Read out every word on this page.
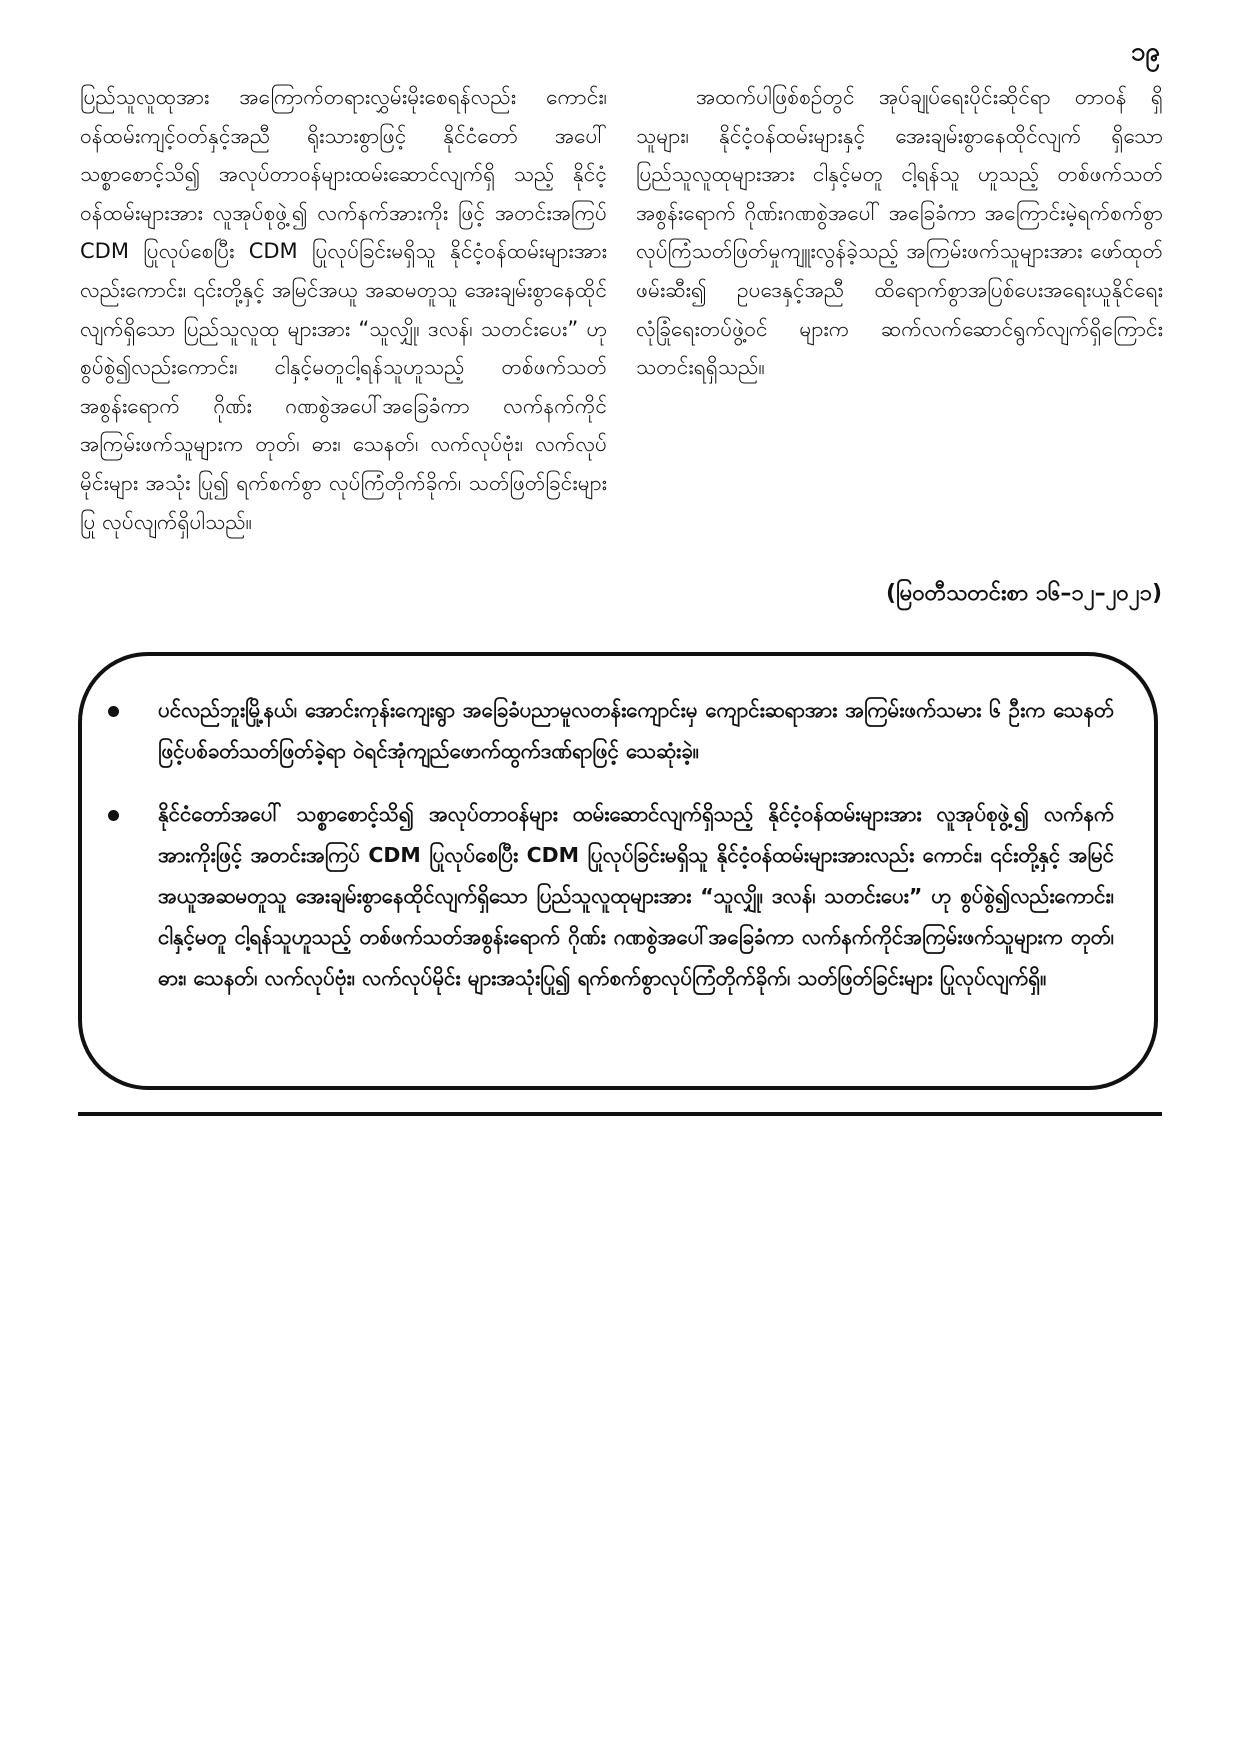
၁၉

ပြည်သူလူထုအား အကြောက်တရားလွှမ်းမိုးစေရန်လည်း ကောင်း၊ ဝန်ထမ်းကျင့်ဝတ်နှင့်အညီ ရိုးသားစွာဖြင့် နိုင်ငံတော် အပေါ် သစ္စာစောင့်သိ၍ အလုပ်တာဝန်များထမ်းဆောင်လျက်ရှိ သည့် နိုင်ငံ့ဝန်ထမ်းများအား လူအုပ်စုဖွဲ့၍ လက်နက်အားကိုး ဖြင့် အတင်းအကြပ် CDM ပြုလုပ်စေပြီး CDM ပြုလုပ်ခြင်းမရှိသူ နိုင်ငံ့ဝန်ထမ်းများအားလည်းကောင်း၊ ၎င်းတို့နှင့် အမြင်အယူ အဆမတူသူ အေးချမ်းစွာနေထိုင်လျက်ရှိသော ပြည်သူလူထု များအား “သူလျှို၊ ဒလန်၊ သတင်းပေး” ဟု စွပ်စွဲ၍လည်းကောင်း၊ ငါနှင့်မတူငါ့ရန်သူဟူသည့် တစ်ဖက်သတ်အစွန်းရောက် ဂိုဏ်း ဂဏစွဲအပေါ်အခြေခံကာ လက်နက်ကိုင်အကြမ်းဖက်သူများက တုတ်၊ ဓား၊ သေနတ်၊ လက်လုပ်ဗုံး၊ လက်လုပ်မိုင်းများ အသုံး ပြု၍ ရက်စက်စွာ လုပ်ကြံတိုက်ခိုက်၊ သတ်ဖြတ်ခြင်းများ ပြု လုပ်လျက်ရှိပါသည်။

အထက်ပါဖြစ်စဉ်တွင် အုပ်ချုပ်ရေးပိုင်းဆိုင်ရာ တာဝန် ရှိသူများ၊ နိုင်ငံ့ဝန်ထမ်းများနှင့် အေးချမ်းစွာနေထိုင်လျက် ရှိသော ပြည်သူလူထုများအား ငါနှင့်မတူ ငါ့ရန်သူ ဟူသည့် တစ်ဖက်သတ်အစွန်းရောက် ဂိုဏ်းဂဏစွဲအပေါ် အခြေခံကာ အကြောင်းမဲ့ရက်စက်စွာ လုပ်ကြံသတ်ဖြတ်မှုကျူးလွန်ခဲ့သည့် အကြမ်းဖက်သူများအား ဖော်ထုတ်ဖမ်းဆီး၍ ဥပဒေနှင့်အညီ ထိရောက်စွာအပြစ်ပေးအရေးယူနိုင်ရေး လုံခြုံရေးတပ်ဖွဲ့ဝင် များက ဆက်လက်ဆောင်ရွက်လျက်ရှိကြောင်း သတင်းရရှိသည်။

(မြဝတီသတင်းစာ ၁၆–၁၂–၂၀၂၁)
ပင်လည်ဘူးမြို့နယ်၊ အောင်းကုန်းကျေးရွာ အခြေခံပညာမူလတန်းကျောင်းမှ ကျောင်းဆရာအား အကြမ်းဖက်သမား ၆ ဦးက သေနတ်ဖြင့်ပစ်ခတ်သတ်ဖြတ်ခဲ့ရာ ဝဲရင်အုံကျည်ဖောက်ထွက်ဒဏ်ရာဖြင့် သေဆုံးခဲ့။
နိုင်ငံတော်အပေါ် သစ္စာစောင့်သိ၍ အလုပ်တာဝန်များ ထမ်းဆောင်လျက်ရှိသည့် နိုင်ငံ့ဝန်ထမ်းများအား လူအုပ်စုဖွဲ့၍ လက်နက်အားကိုးဖြင့် အတင်းအကြပ် CDM ပြုလုပ်စေပြီး CDM ပြုလုပ်ခြင်းမရှိသူ နိုင်ငံ့ဝန်ထမ်းများအားလည်း ကောင်း၊ ၎င်းတို့နှင့် အမြင်အယူအဆမတူသူ အေးချမ်းစွာနေထိုင်လျက်ရှိသော ပြည်သူလူထုများအား “သူလျှို၊ ဒလန်၊ သတင်းပေး” ဟု စွပ်စွဲ၍လည်းကောင်း၊ ငါနှင့်မတူ ငါ့ရန်သူဟူသည့် တစ်ဖက်သတ်အစွန်းရောက် ဂိုဏ်း ဂဏစွဲအပေါ်အခြေခံကာ လက်နက်ကိုင်အကြမ်းဖက်သူများက တုတ်၊ ဓား၊ သေနတ်၊ လက်လုပ်ဗုံး၊ လက်လုပ်မိုင်း များအသုံးပြု၍ ရက်စက်စွာလုပ်ကြံတိုက်ခိုက်၊ သတ်ဖြတ်ခြင်းများ ပြုလုပ်လျက်ရှိ။
